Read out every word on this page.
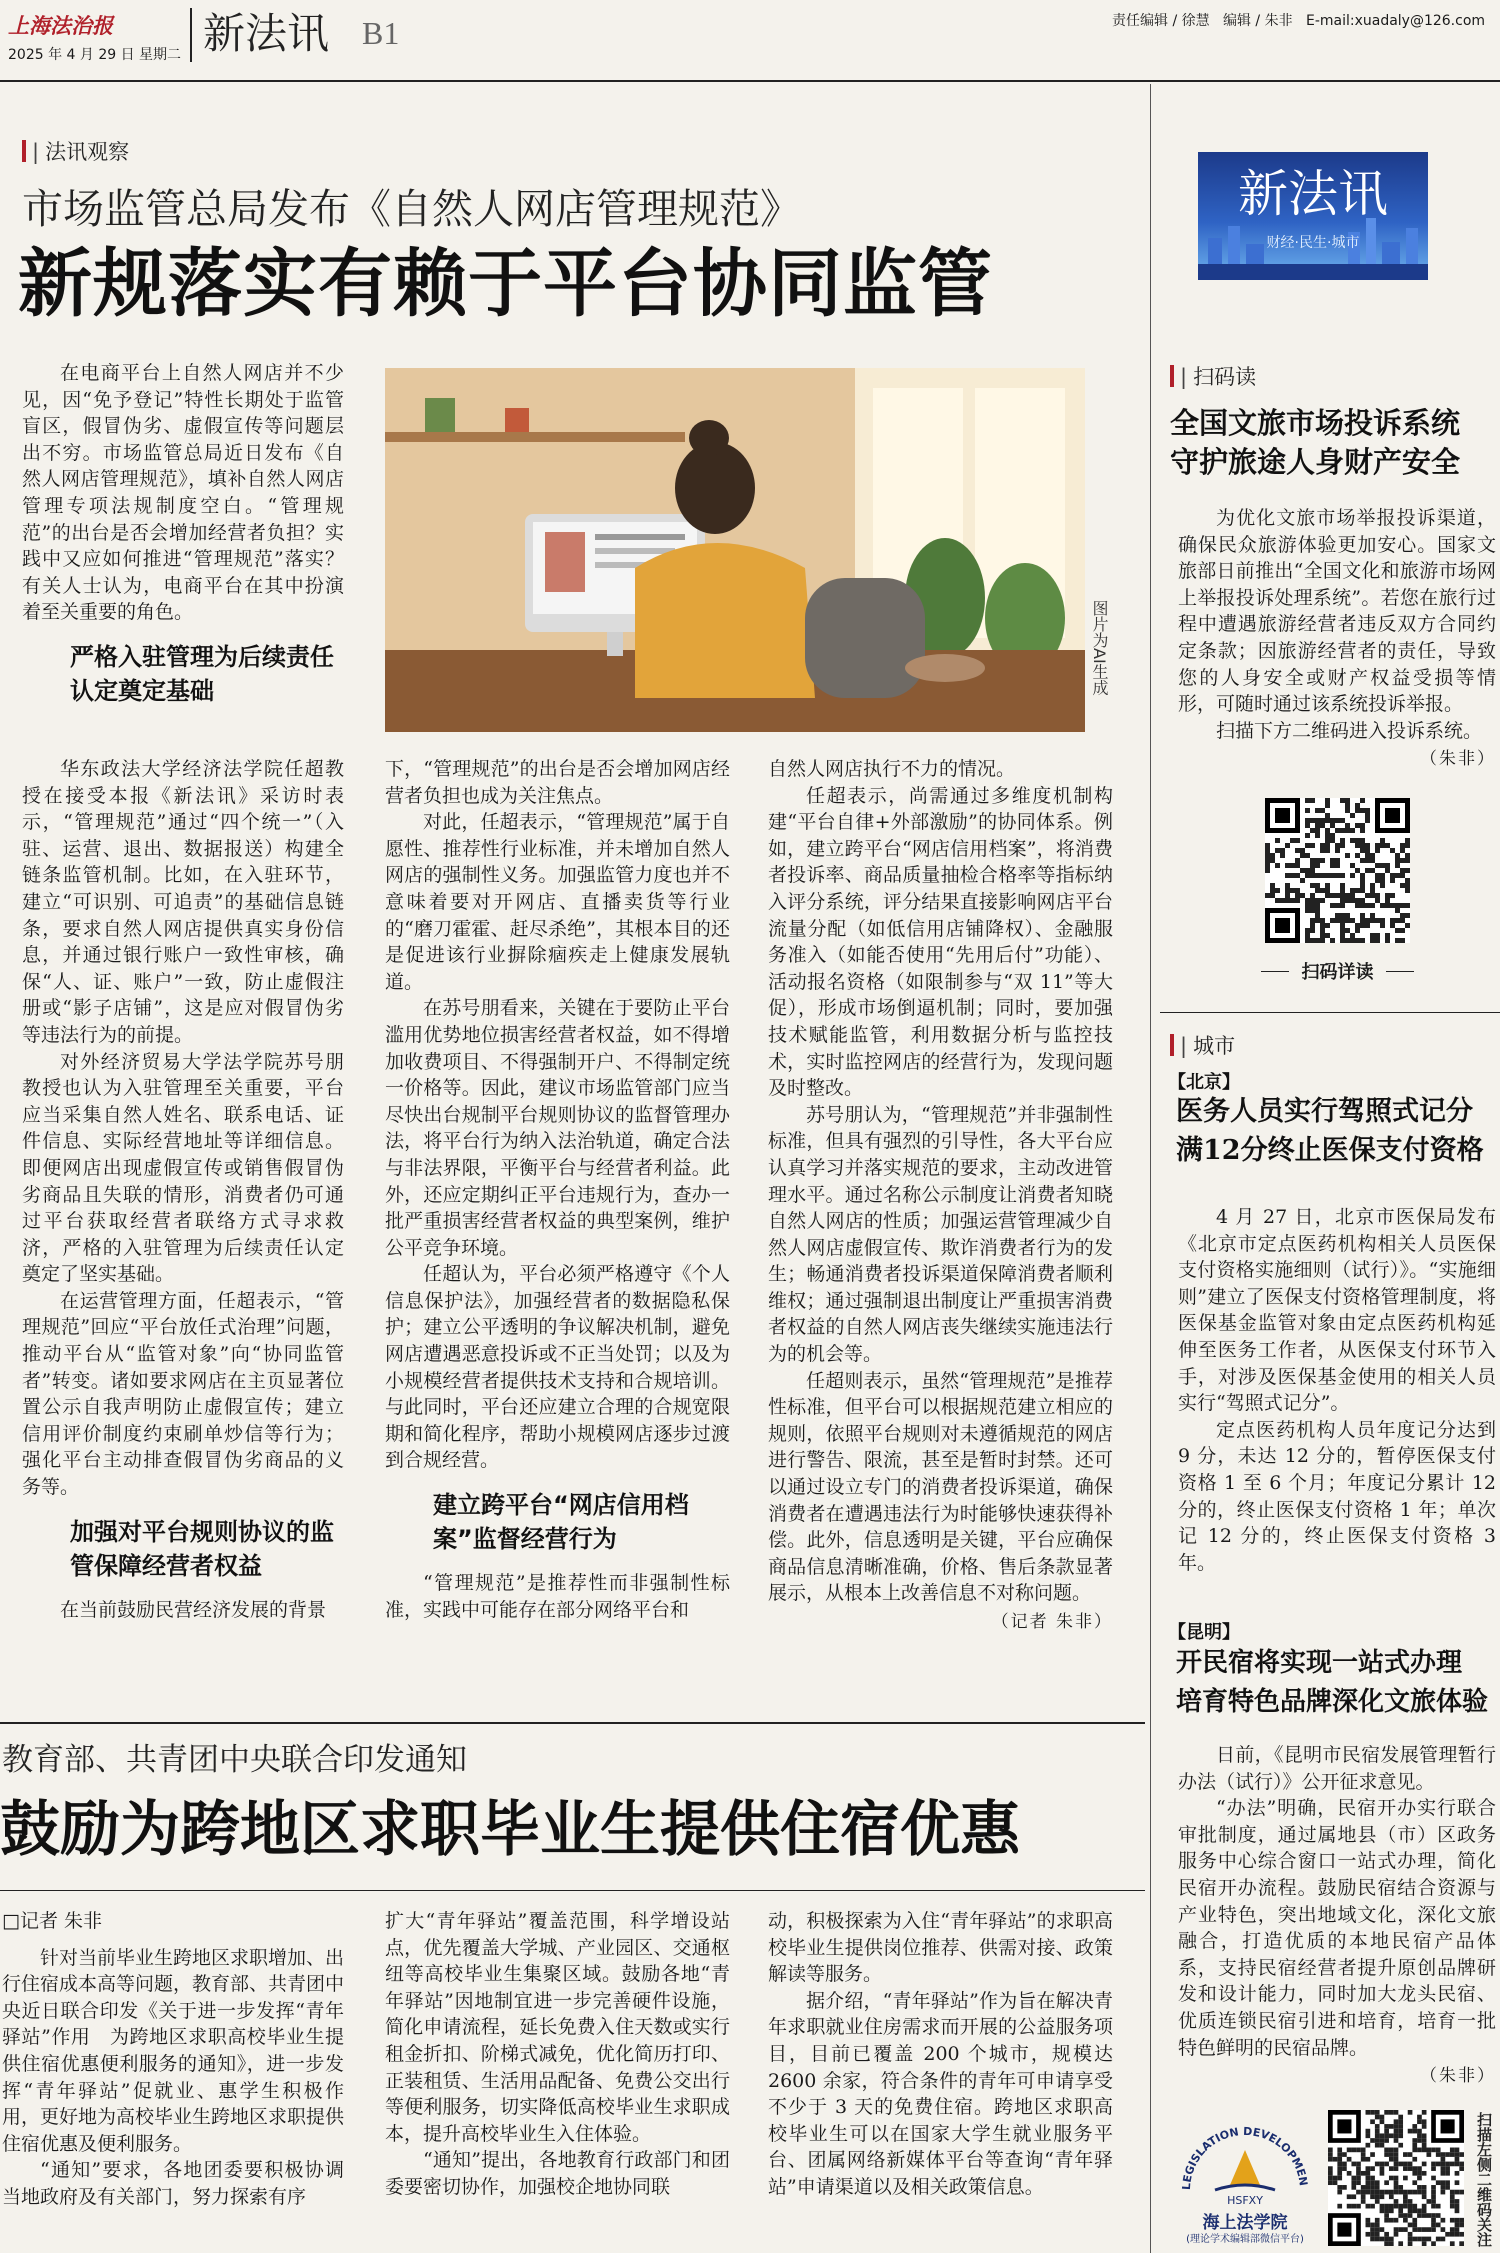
上海法治报
2025 年 4 月 29 日 星期二 新法讯 B1	责任编辑 / 徐慧 编辑 / 朱非 E-mail:xuadaly@126.com
| 法讯观察
市场监管总局发布《自然人网店管理规范》
新规落实有赖于平台协同监管

在电商平台上自然人网店并不少见，因“免予登记”特性长期处于监管盲区，假冒伪劣、虚假宣传等问题层出不穷。市场监管总局近日发布《自然人网店管理规范》，填补自然人网店管理专项法规制度空白。“管理规范”的出台是否会增加经营者负担？实践中又应如何推进“管理规范”落实？有关人士认为，电商平台在其中扮演着至关重要的角色。

严格入驻管理为后续责任认定奠定基础	图片为AI生成

华东政法大学经济法学院任超教授在接受本报《新法讯》采访时表示，“管理规范”通过“四个统一”（入驻、运营、退出、数据报送）构建全链条监管机制。比如，在入驻环节，建立“可识别、可追责”的基础信息链条，要求自然人网店提供真实身份信息，并通过银行账户一致性审核，确保“人、证、账户”一致，防止虚假注册或“影子店铺”，这是应对假冒伪劣等违法行为的前提。

对外经济贸易大学法学院苏号朋教授也认为入驻管理至关重要，平台应当采集自然人姓名、联系电话、证件信息、实际经营地址等详细信息。即便网店出现虚假宣传或销售假冒伪劣商品且失联的情形，消费者仍可通过平台获取经营者联络方式寻求救济，严格的入驻管理为后续责任认定奠定了坚实基础。

在运营管理方面，任超表示，“管理规范”回应“平台放任式治理”问题，推动平台从“监管对象”向“协同监管者”转变。诸如要求网店在主页显著位置公示自我声明防止虚假宣传；建立信用评价制度约束刷单炒信等行为；强化平台主动排查假冒伪劣商品的义务等。

加强对平台规则协议的监管保障经营者权益

在当前鼓励民营经济发展的背景

下，“管理规范”的出台是否会增加网店经营者负担也成为关注焦点。

对此，任超表示，“管理规范”属于自愿性、推荐性行业标准，并未增加自然人网店的强制性义务。加强监管力度也并不意味着要对开网店、直播卖货等行业的“磨刀霍霍、赶尽杀绝”，其根本目的还是促进该行业摒除痼疾走上健康发展轨道。

在苏号朋看来，关键在于要防止平台滥用优势地位损害经营者权益，如不得增加收费项目、不得强制开户、不得制定统一价格等。因此，建议市场监管部门应当尽快出台规制平台规则协议的监督管理办法，将平台行为纳入法治轨道，确定合法与非法界限，平衡平台与经营者利益。此外，还应定期纠正平台违规行为，查办一批严重损害经营者权益的典型案例，维护公平竞争环境。

任超认为，平台必须严格遵守《个人信息保护法》，加强经营者的数据隐私保护；建立公平透明的争议解决机制，避免网店遭遇恶意投诉或不正当处罚；以及为小规模经营者提供技术支持和合规培训。与此同时，平台还应建立合理的合规宽限期和简化程序，帮助小规模网店逐步过渡到合规经营。

建立跨平台“网店信用档案”监督经营行为

“管理规范”是推荐性而非强制性标准，实践中可能存在部分网络平台和

自然人网店执行不力的情况。

任超表示，尚需通过多维度机制构建“平台自律+外部激励”的协同体系。例如，建立跨平台“网店信用档案”，将消费者投诉率、商品质量抽检合格率等指标纳入评分系统，评分结果直接影响网店平台流量分配（如低信用店铺降权）、金融服务准入（如能否使用“先用后付”功能）、活动报名资格（如限制参与“双 11”等大促），形成市场倒逼机制；同时，要加强技术赋能监管，利用数据分析与监控技术，实时监控网店的经营行为，发现问题及时整改。

苏号朋认为，“管理规范”并非强制性标准，但具有强烈的引导性，各大平台应认真学习并落实规范的要求，主动改进管理水平。通过名称公示制度让消费者知晓自然人网店的性质；加强运营管理减少自然人网店虚假宣传、欺诈消费者行为的发生；畅通消费者投诉渠道保障消费者顺利维权；通过强制退出制度让严重损害消费者权益的自然人网店丧失继续实施违法行为的机会等。

任超则表示，虽然“管理规范”是推荐性标准，但平台可以根据规范建立相应的规则，依照平台规则对未遵循规范的网店进行警告、限流，甚至是暂时封禁。还可以通过设立专门的消费者投诉渠道，确保消费者在遭遇违法行为时能够快速获得补偿。此外，信息透明是关键，平台应确保商品信息清晰准确，价格、售后条款显著展示，从根本上改善信息不对称问题。

（记者 朱非）
教育部、共青团中央联合印发通知
鼓励为跨地区求职毕业生提供住宿优惠
□记者 朱非

针对当前毕业生跨地区求职增加、出行住宿成本高等问题，教育部、共青团中央近日联合印发《关于进一步发挥“青年驿站”作用　为跨地区求职高校毕业生提供住宿优惠便利服务的通知》，进一步发挥“青年驿站”促就业、惠学生积极作用，更好地为高校毕业生跨地区求职提供住宿优惠及便利服务。

“通知”要求，各地团委要积极协调当地政府及有关部门，努力探索有序

扩大“青年驿站”覆盖范围，科学增设站点，优先覆盖大学城、产业园区、交通枢纽等高校毕业生集聚区域。鼓励各地“青年驿站”因地制宜进一步完善硬件设施，简化申请流程，延长免费入住天数或实行租金折扣、阶梯式减免，优化简历打印、正装租赁、生活用品配备、免费公交出行等便利服务，切实降低高校毕业生求职成本，提升高校毕业生入住体验。

“通知”提出，各地教育行政部门和团委要密切协作，加强校企地协同联

动，积极探索为入住“青年驿站”的求职高校毕业生提供岗位推荐、供需对接、政策解读等服务。

据介绍，“青年驿站”作为旨在解决青年求职就业住房需求而开展的公益服务项目，目前已覆盖 200 个城市，规模达 2600 余家，符合条件的青年可申请享受不少于 3 天的免费住宿。跨地区求职高校毕业生可以在国家大学生就业服务平台、团属网络新媒体平台等查询“青年驿站”申请渠道以及相关政策信息。

新法讯
财经·民生·城市
| 扫码读

全国文旅市场投诉系统

守护旅途人身财产安全

为优化文旅市场举报投诉渠道，确保民众旅游体验更加安心。国家文旅部日前推出“全国文化和旅游市场网上举报投诉处理系统”。若您在旅行过程中遭遇旅游经营者违反双方合同约定条款；因旅游经营者的责任，导致您的人身安全或财产权益受损等情形，可随时通过该系统投诉举报。

扫描下方二维码进入投诉系统。

（朱非）
扫码详读
| 城市
【北京】

医务人员实行驾照式记分

满12分终止医保支付资格

4 月 27 日，北京市医保局发布《北京市定点医药机构相关人员医保支付资格实施细则（试行）》。“实施细则”建立了医保支付资格管理制度，将医保基金监管对象由定点医药机构延伸至医务工作者，从医保支付环节入手，对涉及医保基金使用的相关人员实行“驾照式记分”。

定点医药机构人员年度记分达到 9 分，未达 12 分的，暂停医保支付资格 1 至 6 个月；年度记分累计 12 分的，终止医保支付资格 1 年；单次记 12 分的，终止医保支付资格 3 年。

【昆明】

开民宿将实现一站式办理

培育特色品牌深化文旅体验

日前，《昆明市民宿发展管理暂行办法（试行）》公开征求意见。

“办法”明确，民宿开办实行联合审批制度，通过属地县（市）区政务服务中心综合窗口一站式办理，简化民宿开办流程。鼓励民宿结合资源与产业特色，突出地域文化，深化文旅融合，打造优质的本地民宿产品体系，支持民宿经营者提升原创品牌研发和设计能力，同时加大龙头民宿、优质连锁民宿引进和培育，培育一批特色鲜明的民宿品牌。

（朱非）
LEGISLATION DEVELOPMEN
HSFXY
海上法学院
(理论学术编辑部微信平台)	扫描左侧二维码关注
